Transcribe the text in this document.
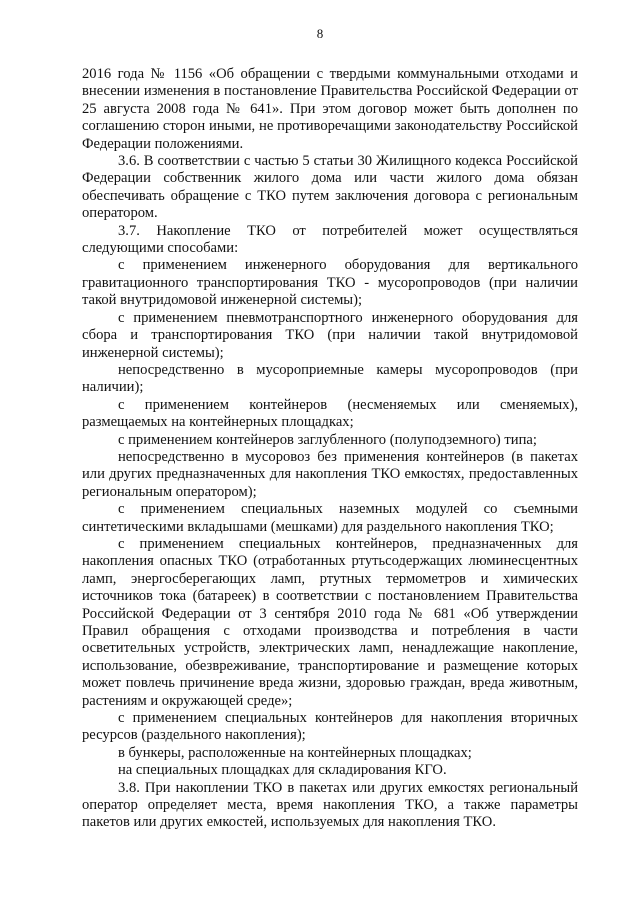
8

2016 года № 1156 «Об обращении с твердыми коммунальными отходами и внесении изменения в постановление Правительства Российской Федерации от 25 августа 2008 года № 641». При этом договор может быть дополнен по соглашению сторон иными, не противоречащими законодательству Российской Федерации положениями.

3.6. В соответствии с частью 5 статьи 30 Жилищного кодекса Российской Федерации собственник жилого дома или части жилого дома обязан обеспечивать обращение с ТКО путем заключения договора с региональным оператором.

3.7. Накопление ТКО от потребителей может осуществляться следующими способами:

с применением инженерного оборудования для вертикального гравитационного транспортирования ТКО - мусоропроводов (при наличии такой внутридомовой инженерной системы);

с применением пневмотранспортного инженерного оборудования для сбора и транспортирования ТКО (при наличии такой внутридомовой инженерной системы);

непосредственно в мусороприемные камеры мусоропроводов (при наличии);

с применением контейнеров (несменяемых или сменяемых), размещаемых на контейнерных площадках;

с применением контейнеров заглубленного (полуподземного) типа;

непосредственно в мусоровоз без применения контейнеров (в пакетах или других предназначенных для накопления ТКО емкостях, предоставленных региональным оператором);

с применением специальных наземных модулей со съемными синтетическими вкладышами (мешками) для раздельного накопления ТКО;

с применением специальных контейнеров, предназначенных для накопления опасных ТКО (отработанных ртутьсодержащих люминесцентных ламп, энергосберегающих ламп, ртутных термометров и химических источников тока (батареек) в соответствии с постановлением Правительства Российской Федерации от 3 сентября 2010 года № 681 «Об утверждении Правил обращения с отходами производства и потребления в части осветительных устройств, электрических ламп, ненадлежащие накопление, использование, обезвреживание, транспортирование и размещение которых может повлечь причинение вреда жизни, здоровью граждан, вреда животным, растениям и окружающей среде»;

с применением специальных контейнеров для накопления вторичных ресурсов (раздельного накопления);

в бункеры, расположенные на контейнерных площадках;

на специальных площадках для складирования КГО.

3.8. При накоплении ТКО в пакетах или других емкостях региональный оператор определяет места, время накопления ТКО, а также параметры пакетов или других емкостей, используемых для накопления ТКО.
